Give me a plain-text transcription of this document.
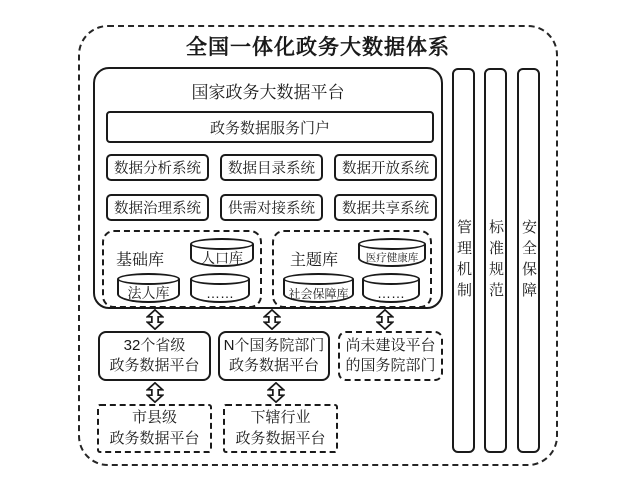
全国一体化政务大数据体系
国家政务大数据平台
政务数据服务门户
数据分析系统	数据目录系统	数据开放系统
数据治理系统	供需对接系统	数据共享系统
基础库	人口库
法人库	……
主题库	医疗健康库
社会保障库	……
32个省级
政务数据平台
N个国务院部门
政务数据平台
尚未建设平台
的国务院部门
市县级
政务数据平台
下辖行业
政务数据平台
管理机制 标准规范 安全保障
